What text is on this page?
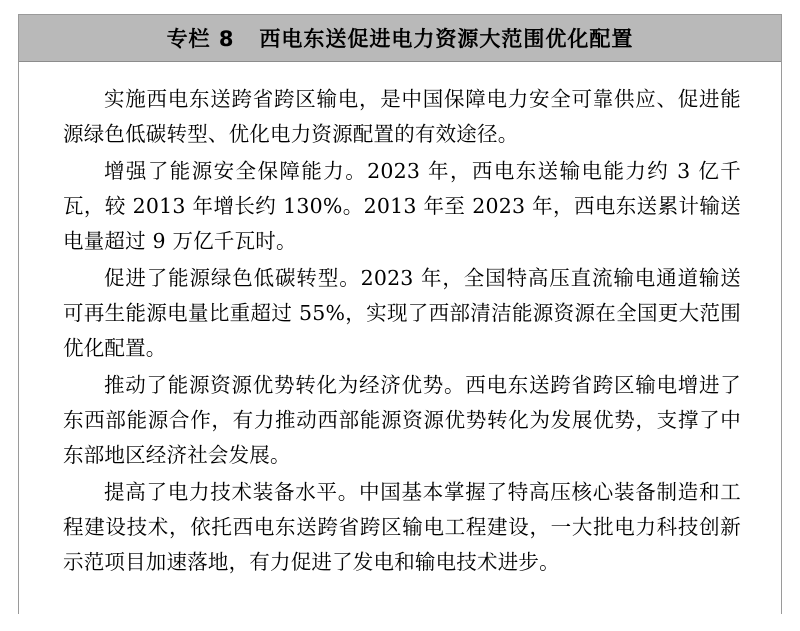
专栏 8   西电东送促进电力资源大范围优化配置

实施西电东送跨省跨区输电，是中国保障电力安全可靠供应、促进能源绿色低碳转型、优化电力资源配置的有效途径。

增强了能源安全保障能力。2023 年，西电东送输电能力约 3 亿千瓦，较 2013 年增长约 130%。2013 年至 2023 年，西电东送累计输送电量超过 9 万亿千瓦时。

促进了能源绿色低碳转型。2023 年，全国特高压直流输电通道输送可再生能源电量比重超过 55%，实现了西部清洁能源资源在全国更大范围优化配置。

推动了能源资源优势转化为经济优势。西电东送跨省跨区输电增进了东西部能源合作，有力推动西部能源资源优势转化为发展优势，支撑了中东部地区经济社会发展。

提高了电力技术装备水平。中国基本掌握了特高压核心装备制造和工程建设技术，依托西电东送跨省跨区输电工程建设，一大批电力科技创新示范项目加速落地，有力促进了发电和输电技术进步。
